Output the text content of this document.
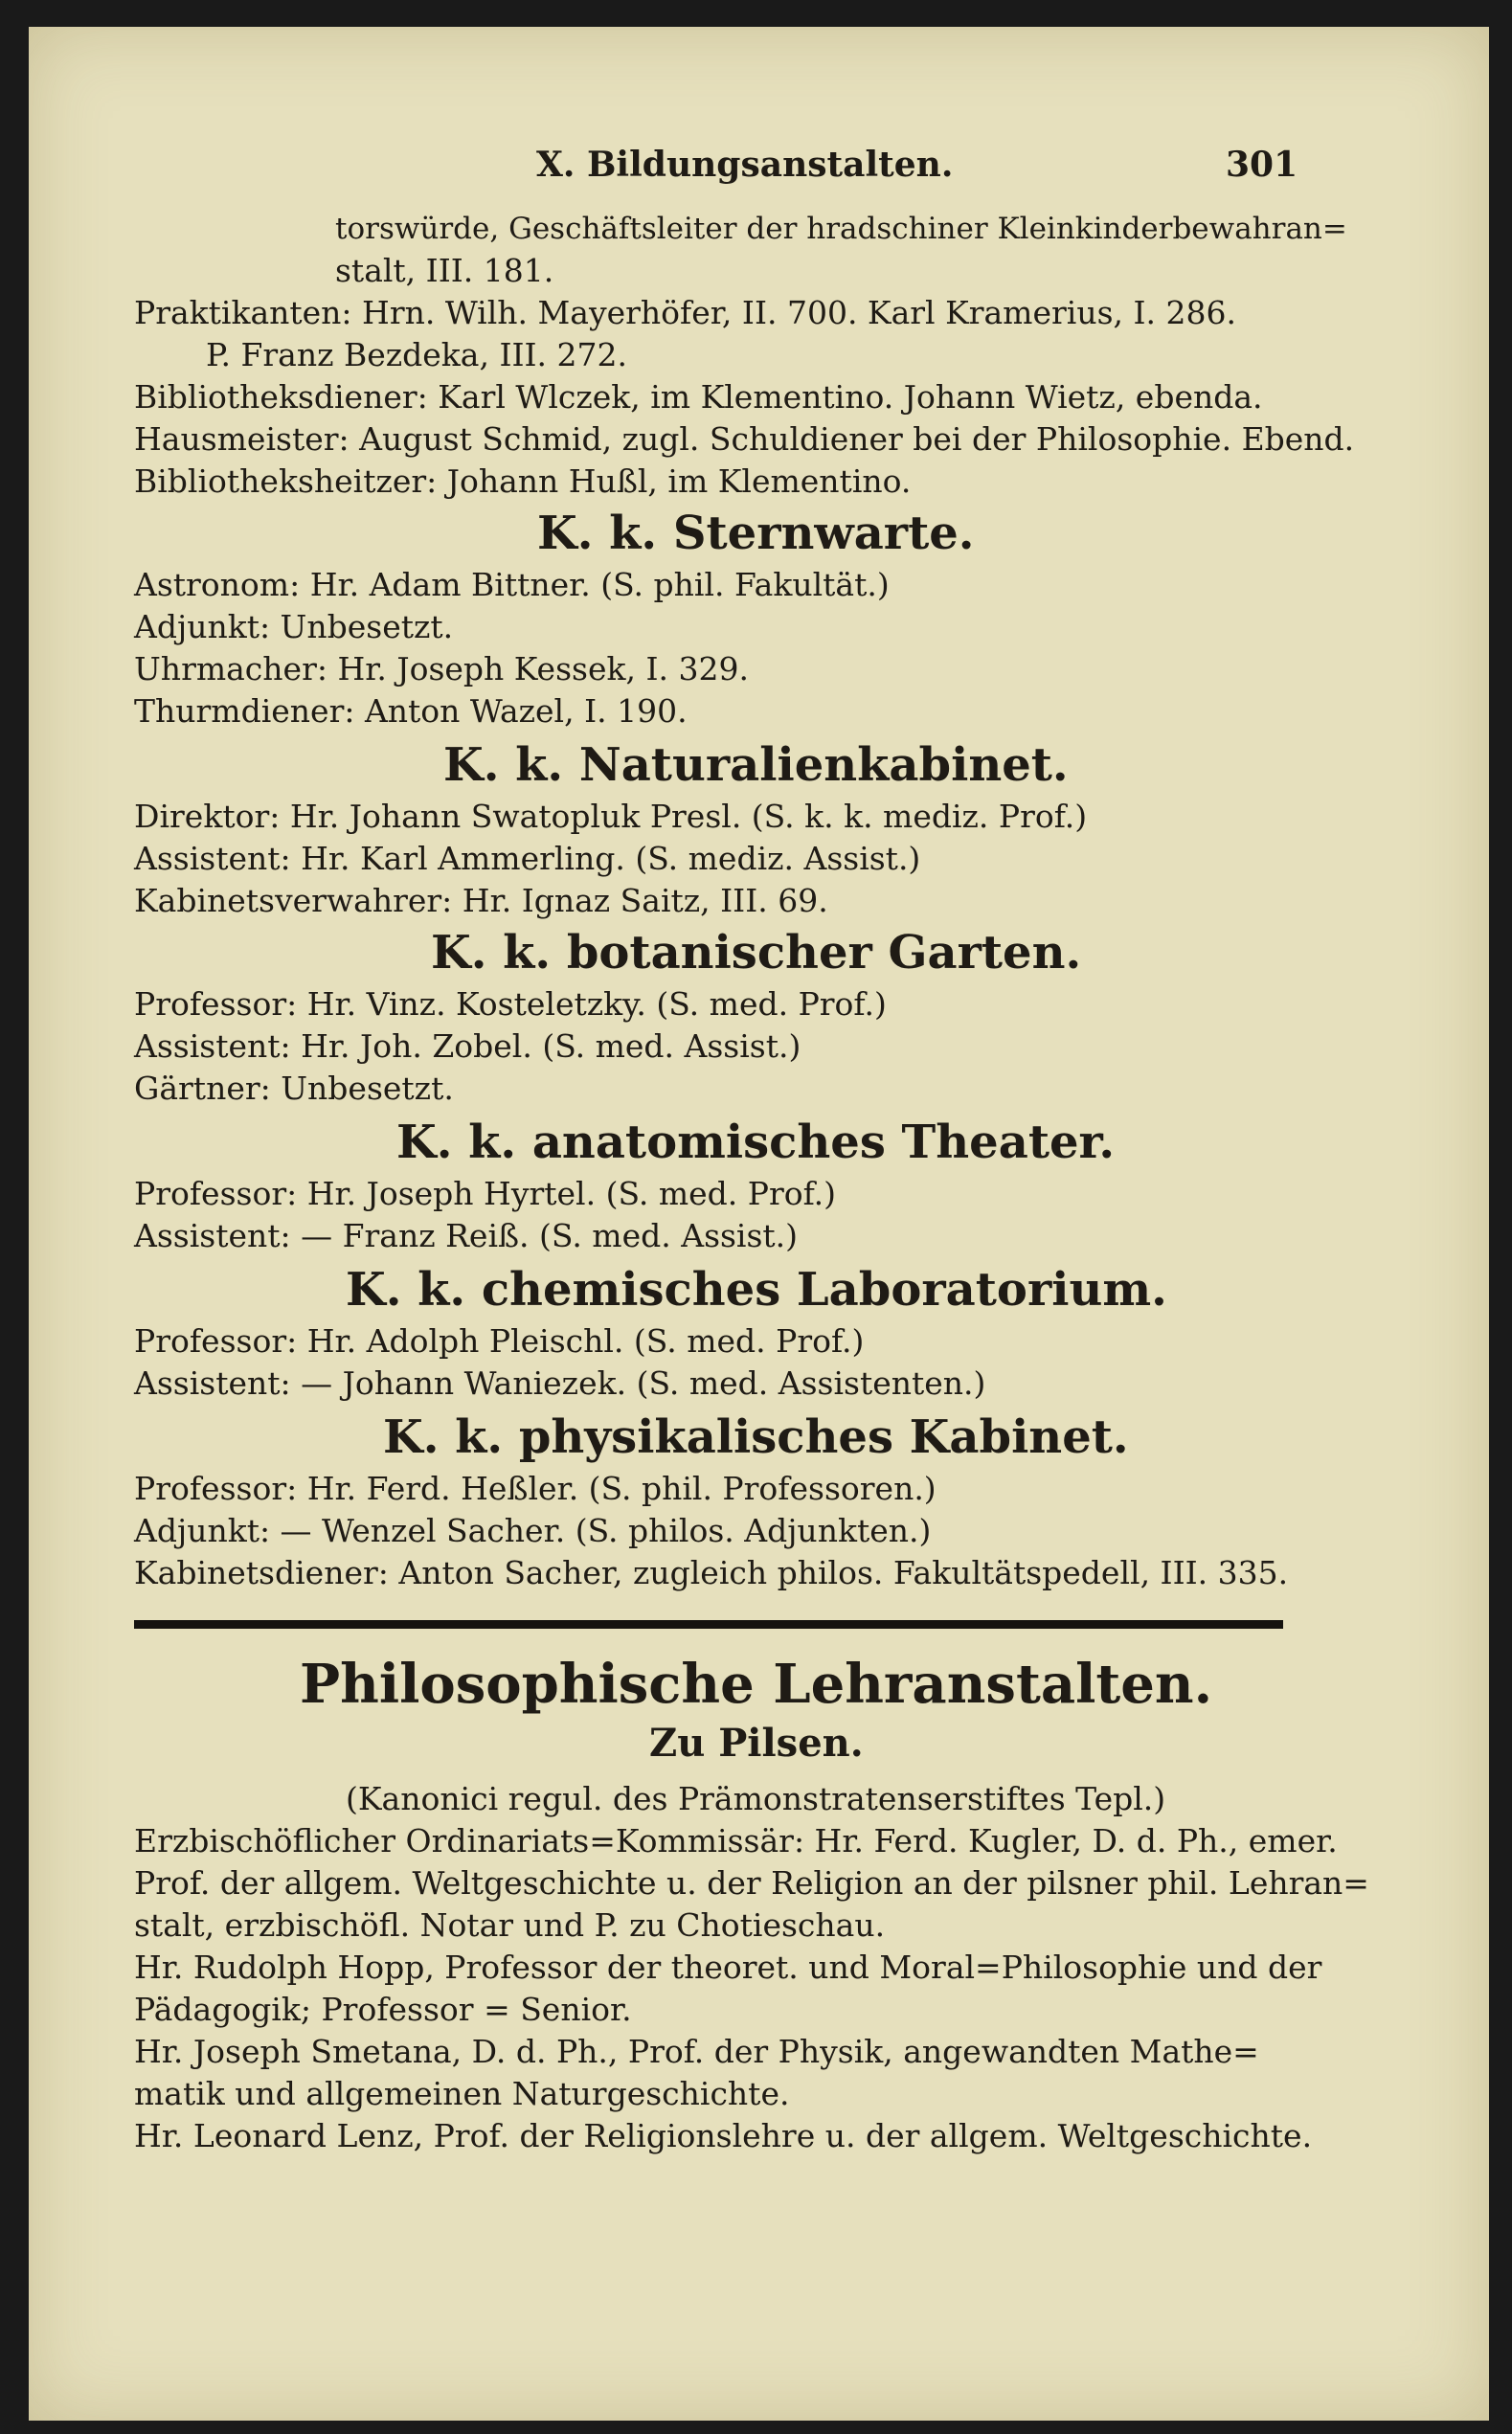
X. Bildungsanstalten.	301
torswürde, Geschäftsleiter der hradschiner Kleinkinderbewahran=
stalt, III. 181.
Praktikanten: Hrn. Wilh. Mayerhöfer, II. 700. Karl Kramerius, I. 286.
P. Franz Bezdeka, III. 272.
Bibliotheksdiener: Karl Wlczek, im Klementino. Johann Wietz, ebenda.
Hausmeister: August Schmid, zugl. Schuldiener bei der Philosophie. Ebend.
Bibliotheksheitzer: Johann Hußl, im Klementino.
K. k. Sternwarte.
Astronom: Hr. Adam Bittner. (S. phil. Fakultät.)
Adjunkt: Unbesetzt.
Uhrmacher: Hr. Joseph Kessek, I. 329.
Thurmdiener: Anton Wazel, I. 190.
K. k. Naturalienkabinet.
Direktor: Hr. Johann Swatopluk Presl. (S. k. k. mediz. Prof.)
Assistent: Hr. Karl Ammerling. (S. mediz. Assist.)
Kabinetsverwahrer: Hr. Ignaz Saitz, III. 69.
K. k. botanischer Garten.
Professor: Hr. Vinz. Kosteletzky. (S. med. Prof.)
Assistent: Hr. Joh. Zobel. (S. med. Assist.)
Gärtner: Unbesetzt.
K. k. anatomisches Theater.
Professor: Hr. Joseph Hyrtel. (S. med. Prof.)
Assistent: — Franz Reiß. (S. med. Assist.)
K. k. chemisches Laboratorium.
Professor: Hr. Adolph Pleischl. (S. med. Prof.)
Assistent: — Johann Waniezek. (S. med. Assistenten.)
K. k. physikalisches Kabinet.
Professor: Hr. Ferd. Heßler. (S. phil. Professoren.)
Adjunkt: — Wenzel Sacher. (S. philos. Adjunkten.)
Kabinetsdiener: Anton Sacher, zugleich philos. Fakultätspedell, III. 335.
Philosophische Lehranstalten.
Zu Pilsen.
(Kanonici regul. des Prämonstratenserstiftes Tepl.)
Erzbischöflicher Ordinariats=Kommissär: Hr. Ferd. Kugler, D. d. Ph., emer.
Prof. der allgem. Weltgeschichte u. der Religion an der pilsner phil. Lehran=
stalt, erzbischöfl. Notar und P. zu Chotieschau.
Hr. Rudolph Hopp, Professor der theoret. und Moral=Philosophie und der
Pädagogik; Professor = Senior.
Hr. Joseph Smetana, D. d. Ph., Prof. der Physik, angewandten Mathe=
matik und allgemeinen Naturgeschichte.
Hr. Leonard Lenz, Prof. der Religionslehre u. der allgem. Weltgeschichte.
